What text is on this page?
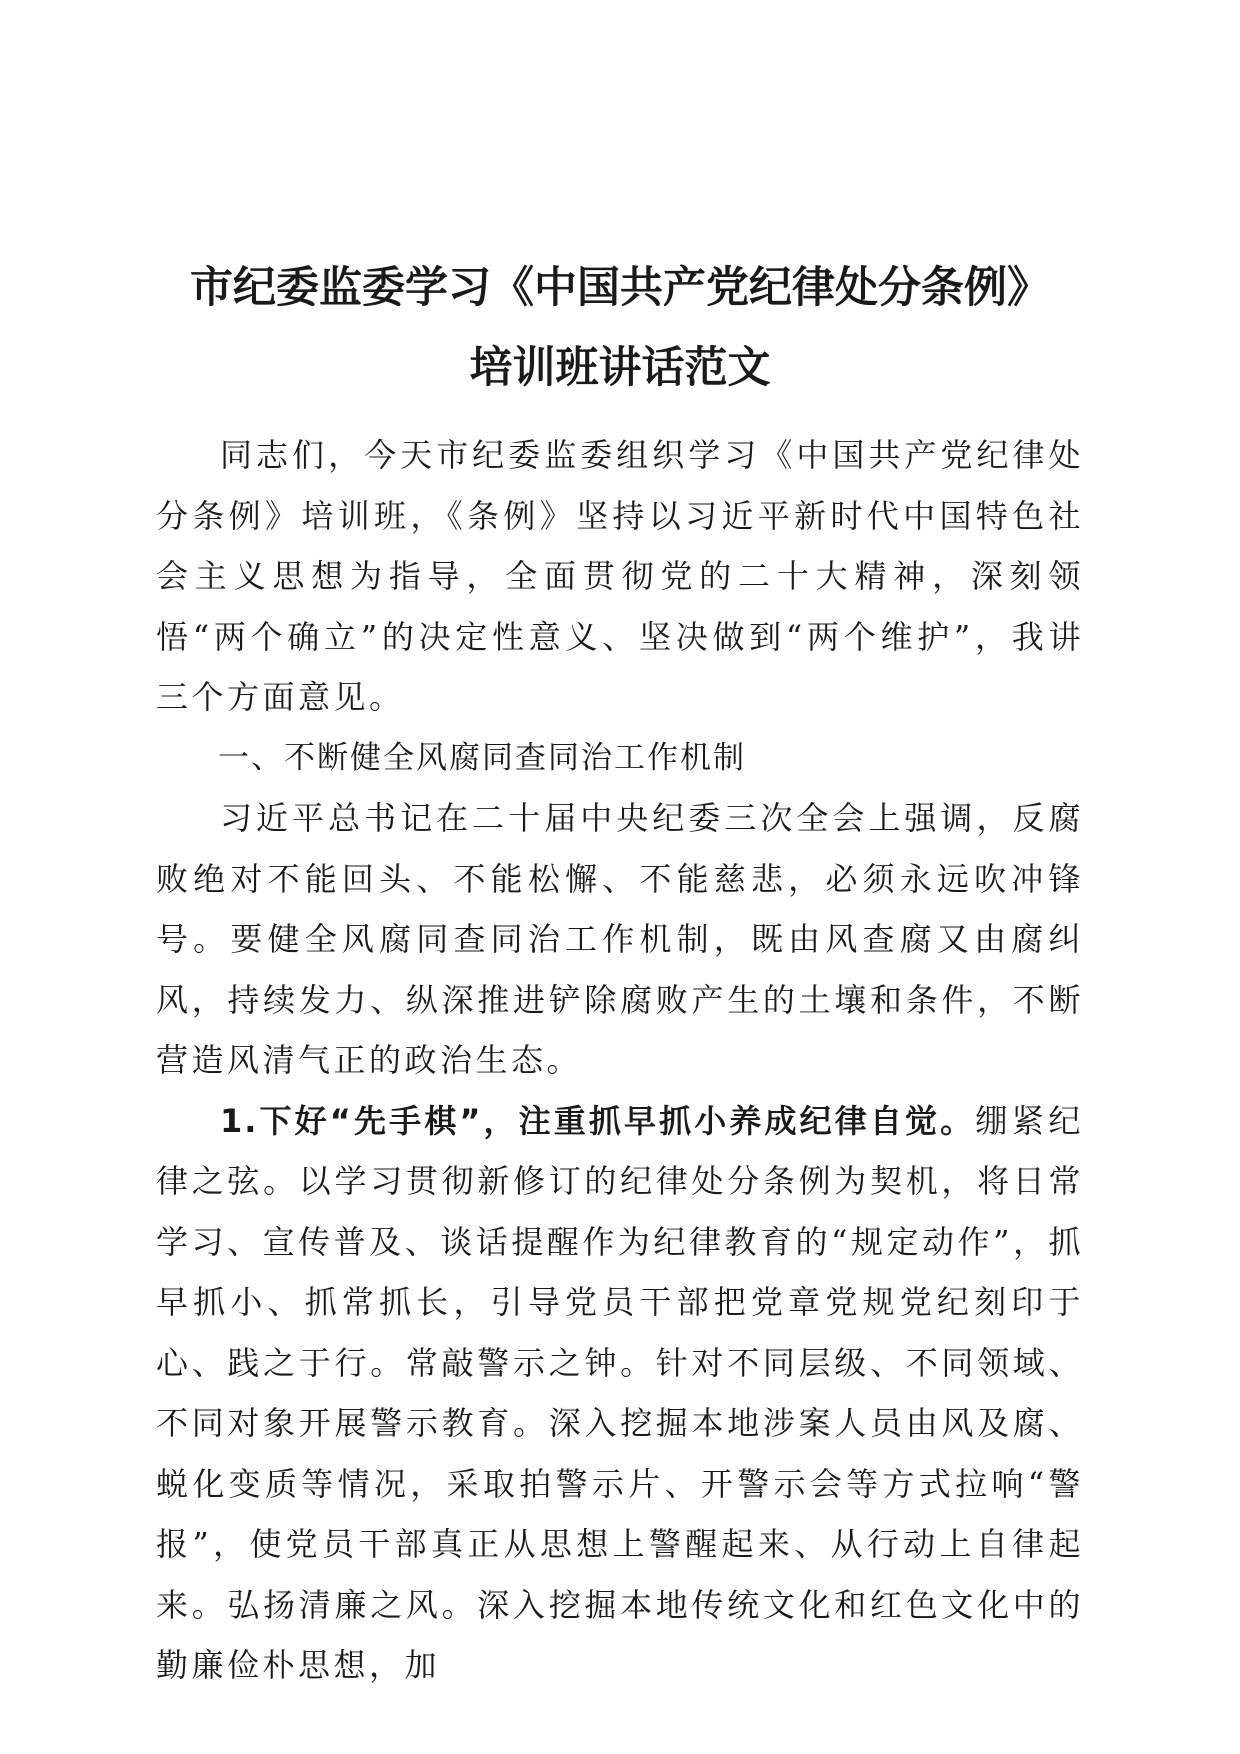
市纪委监委学习《中国共产党纪律处分条例》
培训班讲话范文

同志们，今天市纪委监委组织学习《中国共产党纪律处分条例》培训班，《条例》坚持以习近平新时代中国特色社会主义思想为指导，全面贯彻党的二十大精神，深刻领悟“两个确立”的决定性意义、坚决做到“两个维护”，我讲三个方面意见。

一、不断健全风腐同查同治工作机制

习近平总书记在二十届中央纪委三次全会上强调，反腐败绝对不能回头、不能松懈、不能慈悲，必须永远吹冲锋号。要健全风腐同查同治工作机制，既由风查腐又由腐纠风，持续发力、纵深推进铲除腐败产生的土壤和条件，不断营造风清气正的政治生态。

1.下好“先手棋”，注重抓早抓小养成纪律自觉。绷紧纪律之弦。以学习贯彻新修订的纪律处分条例为契机，将日常学习、宣传普及、谈话提醒作为纪律教育的“规定动作”，抓早抓小、抓常抓长，引导党员干部把党章党规党纪刻印于心、践之于行。常敲警示之钟。针对不同层级、不同领域、不同对象开展警示教育。深入挖掘本地涉案人员由风及腐、蜕化变质等情况，采取拍警示片、开警示会等方式拉响“警报”，使党员干部真正从思想上警醒起来、从行动上自律起来。弘扬清廉之风。深入挖掘本地传统文化和红色文化中的勤廉俭朴思想，加
